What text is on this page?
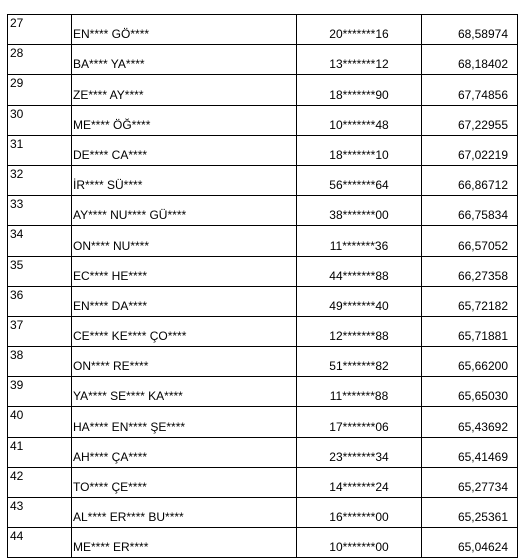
27	EN**** GÖ****	20*******16	68,58974
28	BA**** YA****	13*******12	68,18402
29	ZE**** AY****	18*******90	67,74856
30	ME**** ÖĞ****	10*******48	67,22955
31	DE**** CA****	18*******10	67,02219
32	İR**** SÜ****	56*******64	66,86712
33	AY**** NU**** GÜ****	38*******00	66,75834
34	ON**** NU****	11*******36	66,57052
35	EC**** HE****	44*******88	66,27358
36	EN**** DA****	49*******40	65,72182
37	CE**** KE**** ÇO****	12*******88	65,71881
38	ON**** RE****	51*******82	65,66200
39	YA**** SE**** KA****	11*******88	65,65030
40	HA**** EN**** ŞE****	17*******06	65,43692
41	AH**** ÇA****	23*******34	65,41469
42	TO**** ÇE****	14*******24	65,27734
43	AL**** ER**** BU****	16*******00	65,25361
44	ME**** ER****	10*******00	65,04624
